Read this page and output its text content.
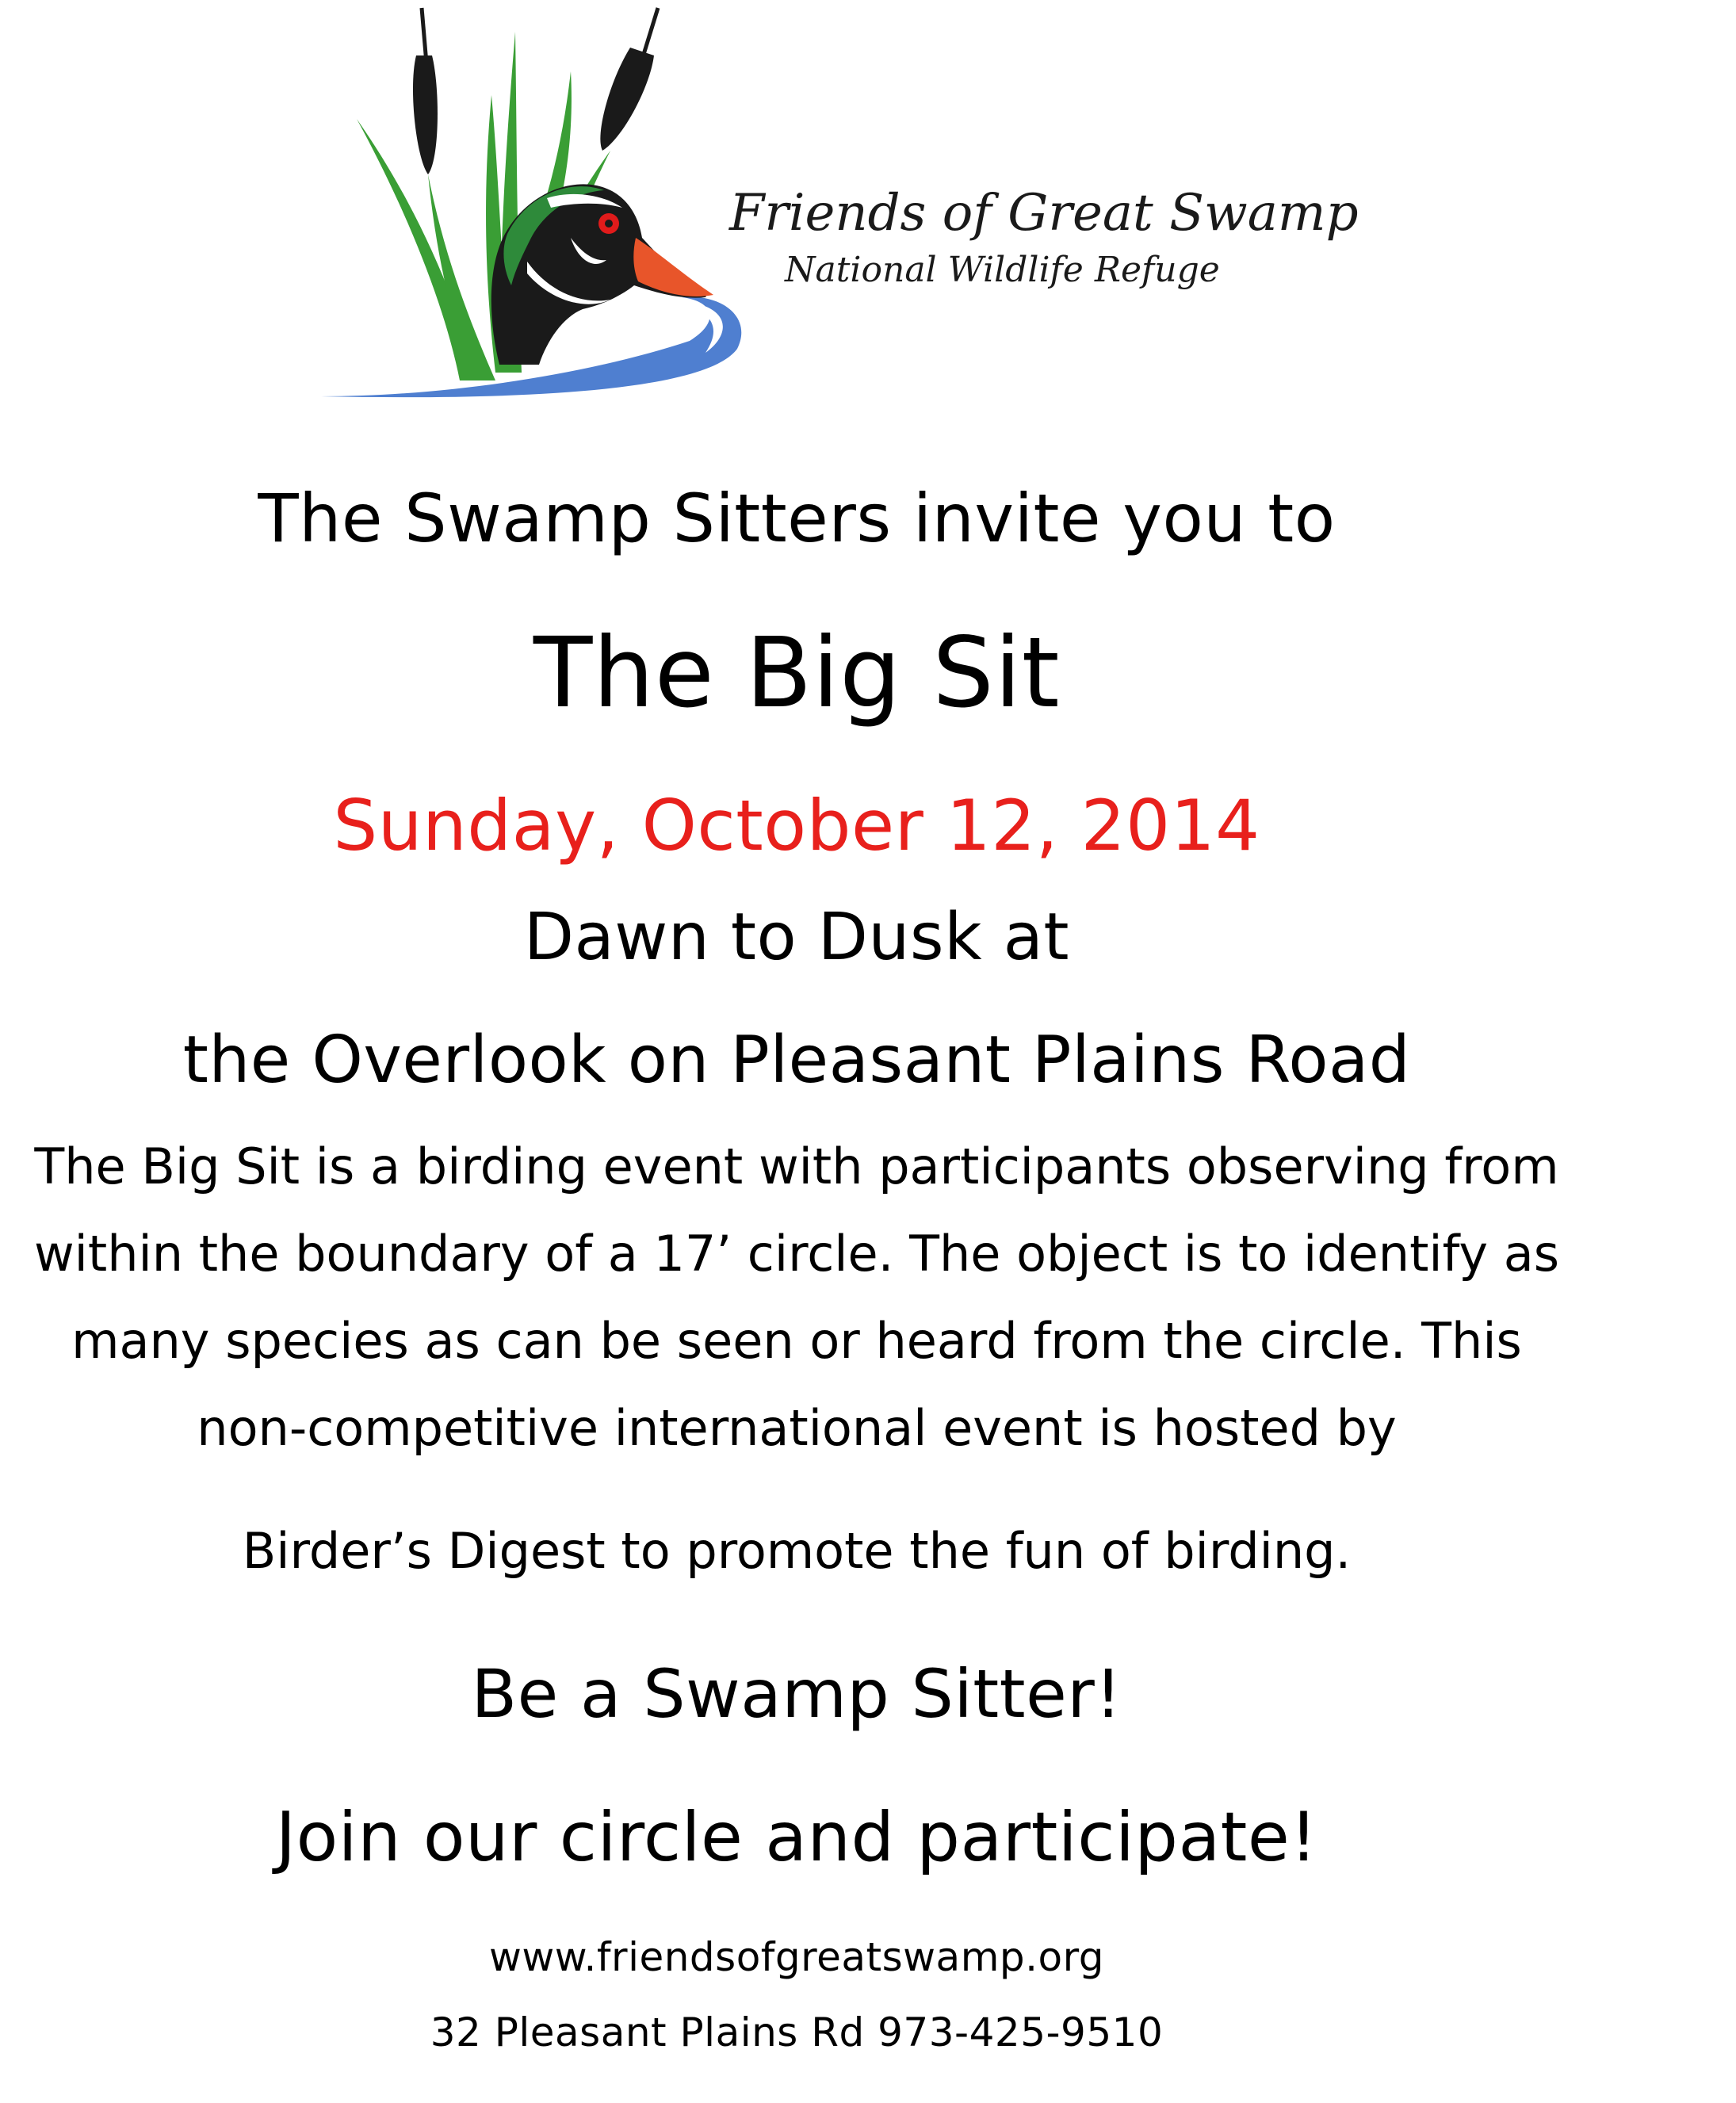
Friends of Great Swamp
National Wildlife Refuge
The Swamp Sitters invite you to
The Big Sit
Sunday, October 12, 2014
Dawn to Dusk at
the Overlook on Pleasant Plains Road
The Big Sit is a birding event with participants observing from
within the boundary of a 17’ circle. The object is to identify as
many species as can be seen or heard from the circle. This
non-competitive international event is hosted by
Birder’s Digest to promote the fun of birding.
Be a Swamp Sitter!
Join our circle and participate!
www.friendsofgreatswamp.org
32 Pleasant Plains Rd 973-425-9510
